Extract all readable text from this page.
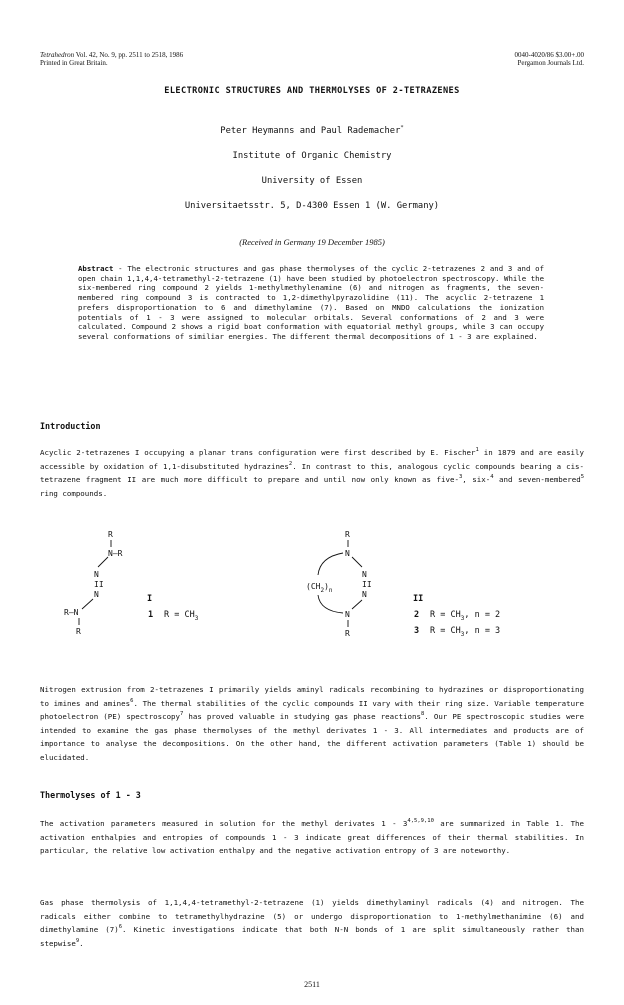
Tetrahedron Vol. 42, No. 9, pp. 2511 to 2518, 1986
Printed in Great Britain.
0040-4020/86 $3.00+.00
Pergamon Journals Ltd.
ELECTRONIC STRUCTURES AND THERMOLYSES OF 2-TETRAZENES
Peter Heymanns and Paul Rademacher*
Institute of Organic Chemistry
University of Essen
Universitaetsstr. 5, D-4300 Essen 1 (W. Germany)
(Received in Germany 19 December 1985)
Abstract - The electronic structures and gas phase thermolyses of the cyclic 2-tetrazenes 2 and 3 and of open chain 1,1,4,4-tetramethyl-2-tetrazene (1) have been studied by photoelectron spectroscopy. While the six-membered ring compound 2 yields 1-methylmethylenamine (6) and nitrogen as fragments, the seven-membered ring compound 3 is contracted to 1,2-dimethylpyrazolidine (11). The acyclic 2-tetrazene 1 prefers disproportionation to 6 and dimethylamine (7). Based on MNDO calculations the ionization potentials of 1 - 3 were assigned to molecular orbitals. Several conformations of 2 and 3 were calculated. Compound 2 shows a rigid boat conformation with equatorial methyl groups, while 3 can occupy several conformations of similiar energies. The different thermal decompositions of 1 - 3 are explained.
Introduction
Acyclic 2-tetrazenes I occupying a planar trans configuration were first described by E. Fischer$^1$ in 1879 and are easily accessible by oxidation of 1,1-disubstituted hydrazines$^2$. In contrast to this, analogous cyclic compounds bearing a cis-tetrazene fragment II are much more difficult to prepare and until now only known as five-$^3$, six-$^4$ and seven-membered$^5$ ring compounds.
R
N—R
N
II
N
R—N
R
I
1 $R = CH_3$
R
N
$(CH_2)_n$
N
II
N
N
R
II
2 $R = CH_3$, n = 2
3 $R = CH_3$, n = 3
Nitrogen extrusion from 2-tetrazenes I primarily yields aminyl radicals recombining to hydrazines or disproportionating to imines and amines$^6$. The thermal stabilities of the cyclic compounds II vary with their ring size. Variable temperature photoelectron (PE) spectroscopy$^7$ has proved valuable in studying gas phase reactions$^8$. Our PE spectroscopic studies were intended to examine the gas phase thermolyses of the methyl derivates 1 - 3. All intermediates and products are of importance to analyse the decompositions. On the other hand, the different activation parameters (Table 1) should be elucidated.
Thermolyses of 1 - 3
The activation parameters measured in solution for the methyl derivates 1 - 3$^{4,5,9,10}$ are summarized in Table 1. The activation enthalpies and entropies of compounds 1 - 3 indicate great differences of their thermal stabilities. In particular, the relative low activation enthalpy and the negative activation entropy of 3 are noteworthy.
Gas phase thermolysis of 1,1,4,4-tetramethyl-2-tetrazene (1) yields dimethylaminyl radicals (4) and nitrogen. The radicals either combine to tetramethylhydrazine (5) or undergo disproportionation to 1-methylmethanimine (6) and dimethylamine $(7)^6$. Kinetic investigations indicate that both N-N bonds of 1 are split simultaneously rather than stepwise$^9$.
2511
